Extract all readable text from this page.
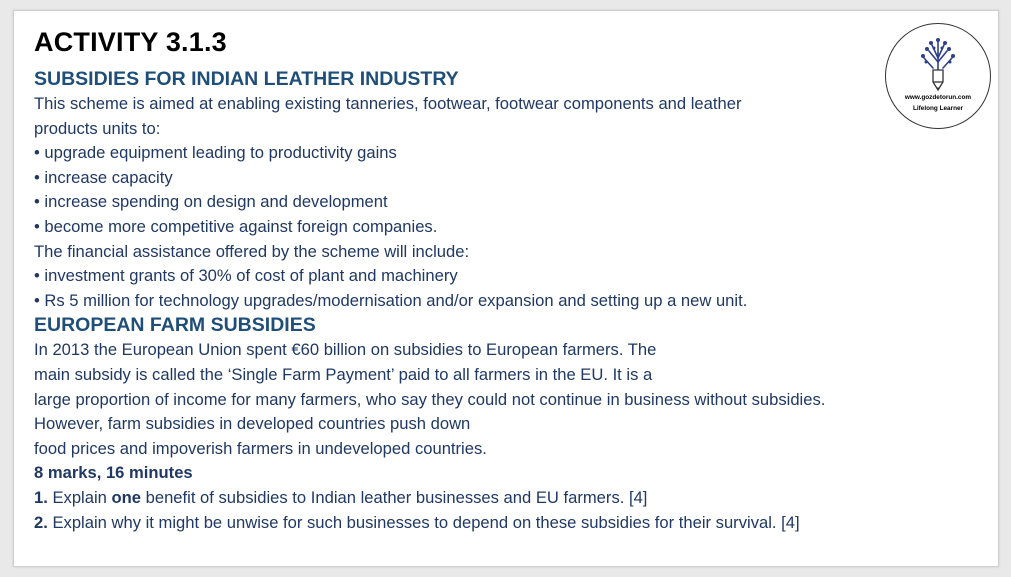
ACTIVITY 3.1.3
www.gozdetorun.com
Lifelong Learner
SUBSIDIES FOR INDIAN LEATHER INDUSTRY
This scheme is aimed at enabling existing tanneries, footwear, footwear components and leather
products units to:
• upgrade equipment leading to productivity gains
• increase capacity
• increase spending on design and development
• become more competitive against foreign companies.
The financial assistance offered by the scheme will include:
• investment grants of 30% of cost of plant and machinery
• Rs 5 million for technology upgrades/modernisation and/or expansion and setting up a new unit.
EUROPEAN FARM SUBSIDIES
In 2013 the European Union spent €60 billion on subsidies to European farmers. The
main subsidy is called the ‘Single Farm Payment’ paid to all farmers in the EU. It is a
large proportion of income for many farmers, who say they could not continue in business without subsidies.
However, farm subsidies in developed countries push down
food prices and impoverish farmers in undeveloped countries.
8 marks, 16 minutes
1. Explain one benefit of subsidies to Indian leather businesses and EU farmers. [4]
2. Explain why it might be unwise for such businesses to depend on these subsidies for their survival. [4]
